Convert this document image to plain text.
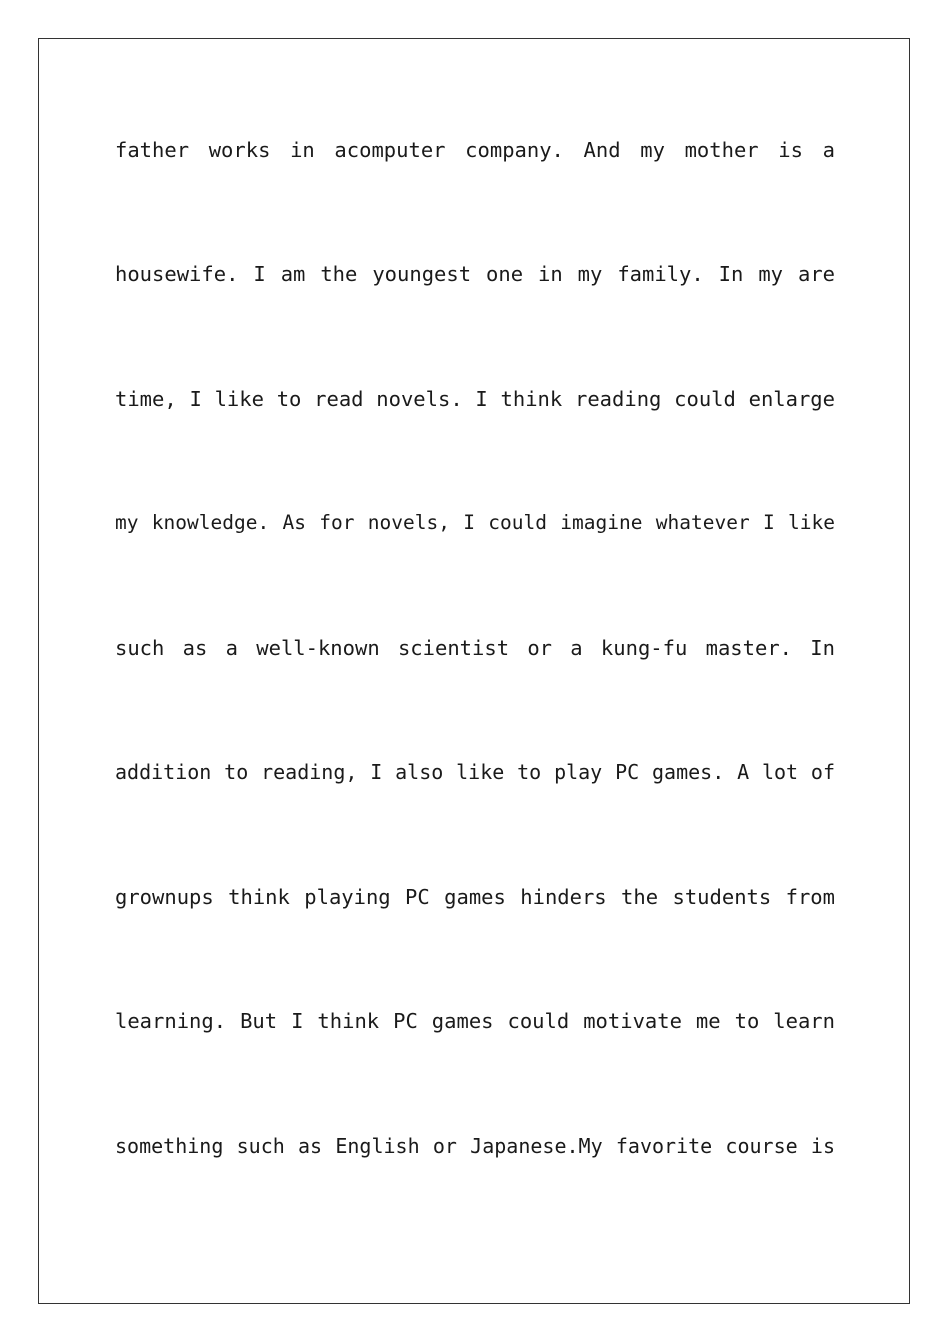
father works in acomputer company. And my mother is a
housewife. I am the youngest one in my family. In my are
time, I like to read novels. I think reading could enlarge
my knowledge. As for novels, I could imagine whatever I like
such as a well-known scientist or a kung-fu master. In
addition to reading, I also like to play PC games. A lot of
grownups think playing PC games hinders the students from
learning. But I think PC games could motivate me to learn
something such as English or Japanese.My favorite course is
